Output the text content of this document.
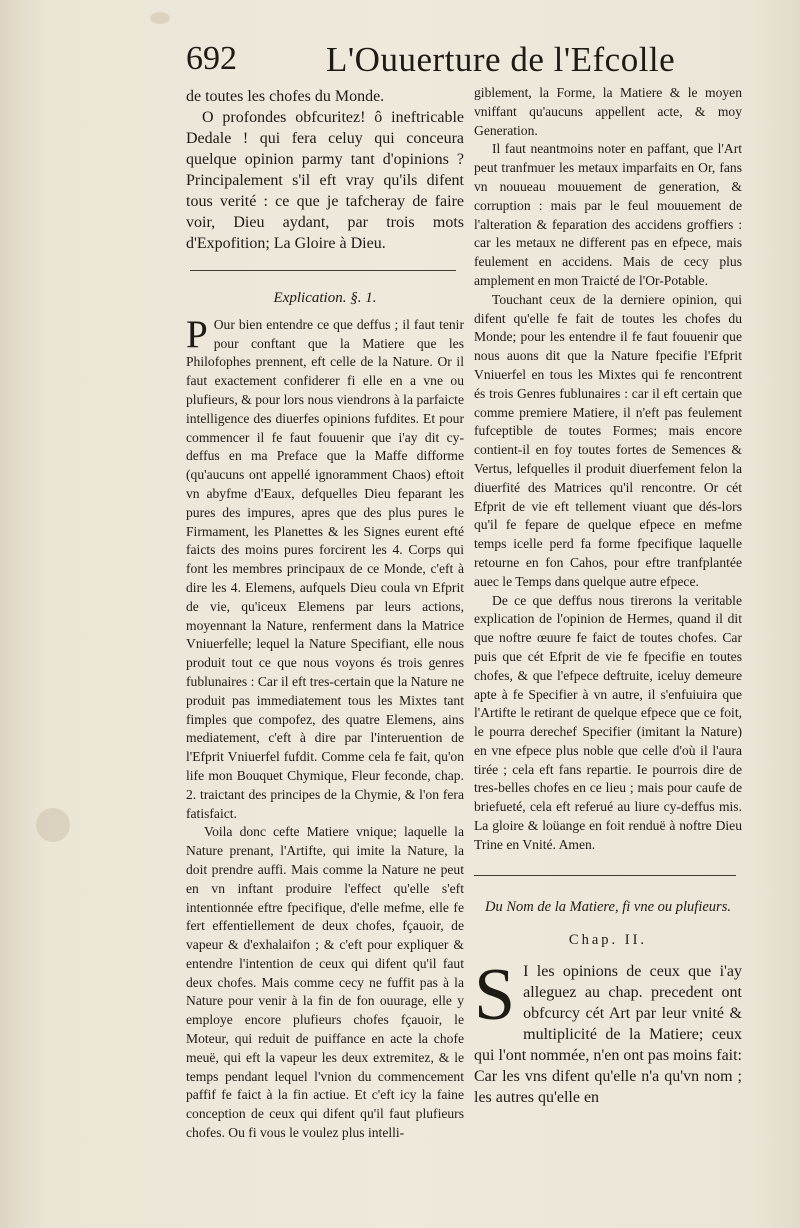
692	L'Ouuerture de l'Efcolle

de toutes les chofes du Monde.

O profondes obfcuritez! ô ineftricable Dedale ! qui fera celuy qui conceura quelque opinion parmy tant d'opinions ? Principalement s'il eft vray qu'ils difent tous verité : ce que je tafcheray de faire voir, Dieu aydant, par trois mots d'Expofition; La Gloire à Dieu.

Explication. §. 1.

P Our bien entendre ce que deffus ; il faut tenir pour conftant que la Matiere que les Philofophes prennent, eft celle de la Nature. Or il faut exactement confiderer fi elle en a vne ou plufieurs, & pour lors nous viendrons à la parfaicte intelligence des diuerfes opinions fufdites. Et pour commencer il fe faut fouuenir que i'ay dit cy-deffus en ma Preface que la Maffe difforme (qu'aucuns ont appellé ignoramment Chaos) eftoit vn abyfme d'Eaux, defquelles Dieu feparant les pures des impures, apres que des plus pures le Firmament, les Planettes & les Signes eurent efté faicts des moins pures forcirent les 4. Corps qui font les membres principaux de ce Monde, c'eft à dire les 4. Elemens, aufquels Dieu coula vn Efprit de vie, qu'iceux Elemens par leurs actions, moyennant la Nature, renferment dans la Matrice Vniuerfelle; lequel la Nature Specifiant, elle nous produit tout ce que nous voyons és trois genres fublunaires : Car il eft tres-certain que la Nature ne produit pas immediatement tous les Mixtes tant fimples que compofez, des quatre Elemens, ains mediatement, c'eft à dire par l'interuention de l'Efprit Vniuerfel fufdit. Comme cela fe fait, qu'on life mon Bouquet Chymique, Fleur feconde, chap. 2. traictant des principes de la Chymie, & l'on fera fatisfaict.

Voila donc cefte Matiere vnique; laquelle la Nature prenant, l'Artifte, qui imite la Nature, la doit prendre auffi. Mais comme la Nature ne peut en vn inftant produire l'effect qu'elle s'eft intentionnée eftre fpecifique, d'elle mefme, elle fe fert effentiellement de deux chofes, fçauoir, de vapeur & d'exhalaifon ; & c'eft pour expliquer & entendre l'intention de ceux qui difent qu'il faut deux chofes. Mais comme cecy ne fuffit pas à la Nature pour venir à la fin de fon ouurage, elle y employe encore plufieurs chofes fçauoir, le Moteur, qui reduit de puiffance en acte la chofe meuë, qui eft la vapeur les deux extremitez, & le temps pendant lequel l'vnion du commencement paffif fe faict à la fin actiue. Et c'eft icy la faine conception de ceux qui difent qu'il faut plufieurs chofes. Ou fi vous le voulez plus intelli-

giblement, la Forme, la Matiere & le moyen vniffant qu'aucuns appellent acte, & moy Generation.

Il faut neantmoins noter en paffant, que l'Art peut tranfmuer les metaux imparfaits en Or, fans vn nouueau mouuement de generation, & corruption : mais par le feul mouuement de l'alteration & feparation des accidens groffiers : car les metaux ne different pas en efpece, mais feulement en accidens. Mais de cecy plus amplement en mon Traicté de l'Or-Potable.

Touchant ceux de la derniere opinion, qui difent qu'elle fe fait de toutes les chofes du Monde; pour les entendre il fe faut fouuenir que nous auons dit que la Nature fpecifie l'Efprit Vniuerfel en tous les Mixtes qui fe rencontrent és trois Genres fublunaires : car il eft certain que comme premiere Matiere, il n'eft pas feulement fufceptible de toutes Formes; mais encore contient-il en foy toutes fortes de Semences & Vertus, lefquelles il produit diuerfement felon la diuerfité des Matrices qu'il rencontre. Or cét Efprit de vie eft tellement viuant que dés-lors qu'il fe fepare de quelque efpece en mefme temps icelle perd fa forme fpecifique laquelle retourne en fon Cahos, pour eftre tranfplantée auec le Temps dans quelque autre efpece.

De ce que deffus nous tirerons la veritable explication de l'opinion de Hermes, quand il dit que noftre œuure fe faict de toutes chofes. Car puis que cét Efprit de vie fe fpecifie en toutes chofes, & que l'efpece deftruite, iceluy demeure apte à fe Specifier à vn autre, il s'enfuiuira que l'Artifte le retirant de quelque efpece que ce foit, le pourra derechef Specifier (imitant la Nature) en vne efpece plus noble que celle d'où il l'aura tirée ; cela eft fans repartie. Ie pourrois dire de tres-belles chofes en ce lieu ; mais pour caufe de briefueté, cela eft referué au liure cy-deffus mis. La gloire & loüange en foit renduë à noftre Dieu Trine en Vnité. Amen.

Du Nom de la Matiere, fi vne ou plufieurs.
Chap. II.

S I les opinions de ceux que i'ay alleguez au chap. precedent ont obfcurcy cét Art par leur vnité & multiplicité de la Matiere; ceux qui l'ont nommée, n'en ont pas moins fait: Car les vns difent qu'elle n'a qu'vn nom ; les autres qu'elle en
